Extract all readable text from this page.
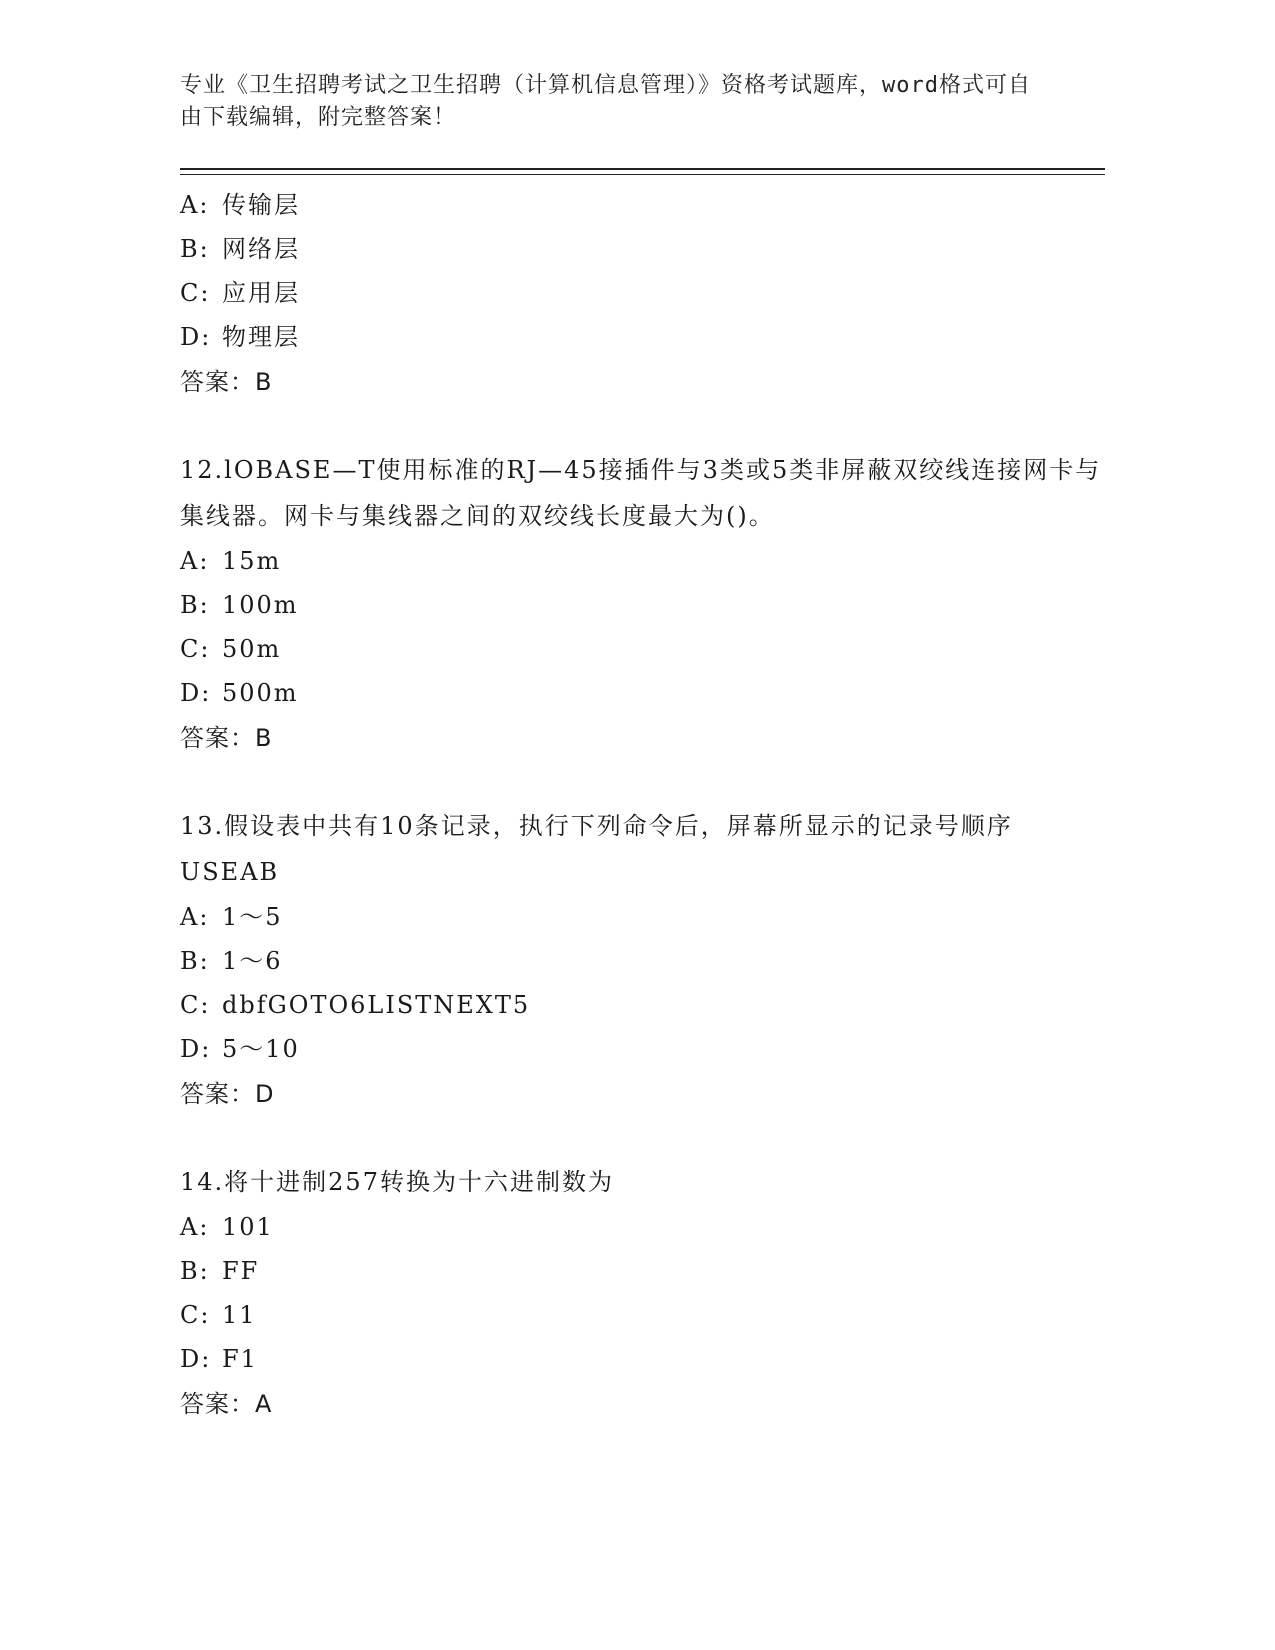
专业《卫生招聘考试之卫生招聘（计算机信息管理）》资格考试题库，word格式可自由下载编辑，附完整答案！
A: 传输层
B: 网络层
C: 应用层
D: 物理层
答案：B

12.lOBASE—T使用标准的RJ—45接插件与3类或5类非屏蔽双绞线连接网卡与集线器。网卡与集线器之间的双绞线长度最大为()。

A: 15m
B: 100m
C: 50m
D: 500m
答案：B

13.假设表中共有10条记录，执行下列命令后，屏幕所显示的记录号顺序USEAB

A: 1～5
B: 1～6
C: dbfGOTO6LISTNEXT5
D: 5～10
答案：D

14.将十进制257转换为十六进制数为

A: 101
B: FF
C: 11
D: F1
答案：A
